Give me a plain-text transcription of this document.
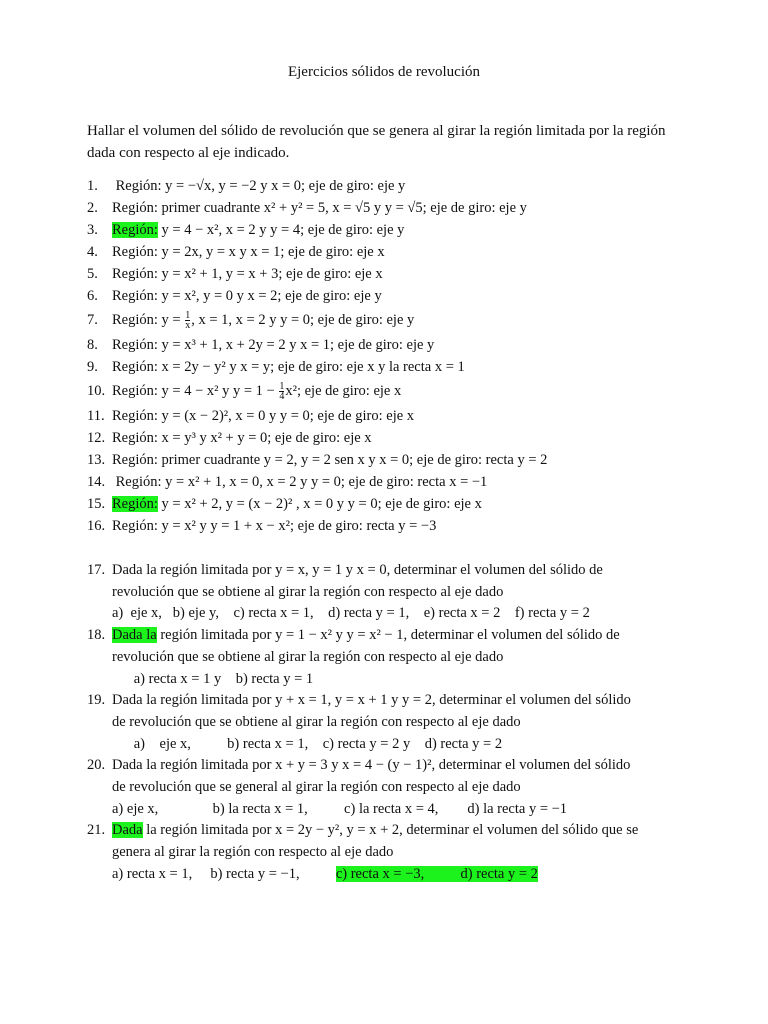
Ejercicios sólidos de revolución
Hallar el volumen del sólido de revolución que se genera al girar la región limitada por la región dada con respecto al eje indicado.
1. Región: y = −√x, y = −2 y x = 0; eje de giro: eje y
2. Región: primer cuadrante x² + y² = 5, x = √5 y y = √5; eje de giro: eje y
3. Región: y = 4 − x², x = 2 y y = 4; eje de giro: eje y
4. Región: y = 2x, y = x y x = 1; eje de giro: eje x
5. Región: y = x² + 1, y = x + 3; eje de giro: eje x
6. Región: y = x², y = 0 y x = 2; eje de giro: eje y
7. Región: $y = \frac{1}{x}$ , x = 1, x = 2 y y = 0; eje de giro: eje y
8. Región: y = x³ + 1, x + 2y = 2 y x = 1; eje de giro: eje y
9. Región: x = 2y − y² y x = y; eje de giro: eje x y la recta x = 1
10. Región: y = 4 − x² y $y = 1 - \frac{1}{4} x^2$; eje de giro: eje x
11. Región: y = (x − 2)², x = 0 y y = 0; eje de giro: eje x
12. Región: x = y³ y x² + y = 0; eje de giro: eje x
13. Región: primer cuadrante y = 2, y = 2 sen x y x = 0; eje de giro: recta y = 2
14. Región: y = x² + 1, x = 0, x = 2 y y = 0; eje de giro: recta x = −1
15. Región: y = x² + 2, y = (x − 2)² , x = 0 y y = 0; eje de giro: eje x
16. Región: y = x² y y = 1 + x − x²; eje de giro: recta y = −3
17. Dada la región limitada por y = x, y = 1 y x = 0, determinar el volumen del sólido de
revolución que se obtiene al girar la región con respecto al eje dado
a)  eje x,   b) eje y,    c) recta x = 1,    d) recta y = 1,    e) recta x = 2    f) recta y = 2
18. Dada la región limitada por y = 1 − x² y y = x² − 1, determinar el volumen del sólido de
revolución que se obtiene al girar la región con respecto al eje dado
a) recta x = 1 y    b) recta y = 1
19. Dada la región limitada por y + x = 1, y = x + 1 y y = 2, determinar el volumen del sólido
de revolución que se obtiene al girar la región con respecto al eje dado
a)    eje x,          b) recta x = 1,    c) recta y = 2 y    d) recta y = 2
20. Dada la región limitada por x + y = 3 y x = 4 − (y − 1)², determinar el volumen del sólido
de revolución que se general al girar la región con respecto al eje dado
a) eje x,               b) la recta x = 1,          c) la recta x = 4,        d) la recta y = −1
21. Dada la región limitada por x = 2y − y², y = x + 2, determinar el volumen del sólido que se
genera al girar la región con respecto al eje dado
a) recta x = 1,     b) recta y = −1,          c) recta x = −3,          d) recta y = 2
